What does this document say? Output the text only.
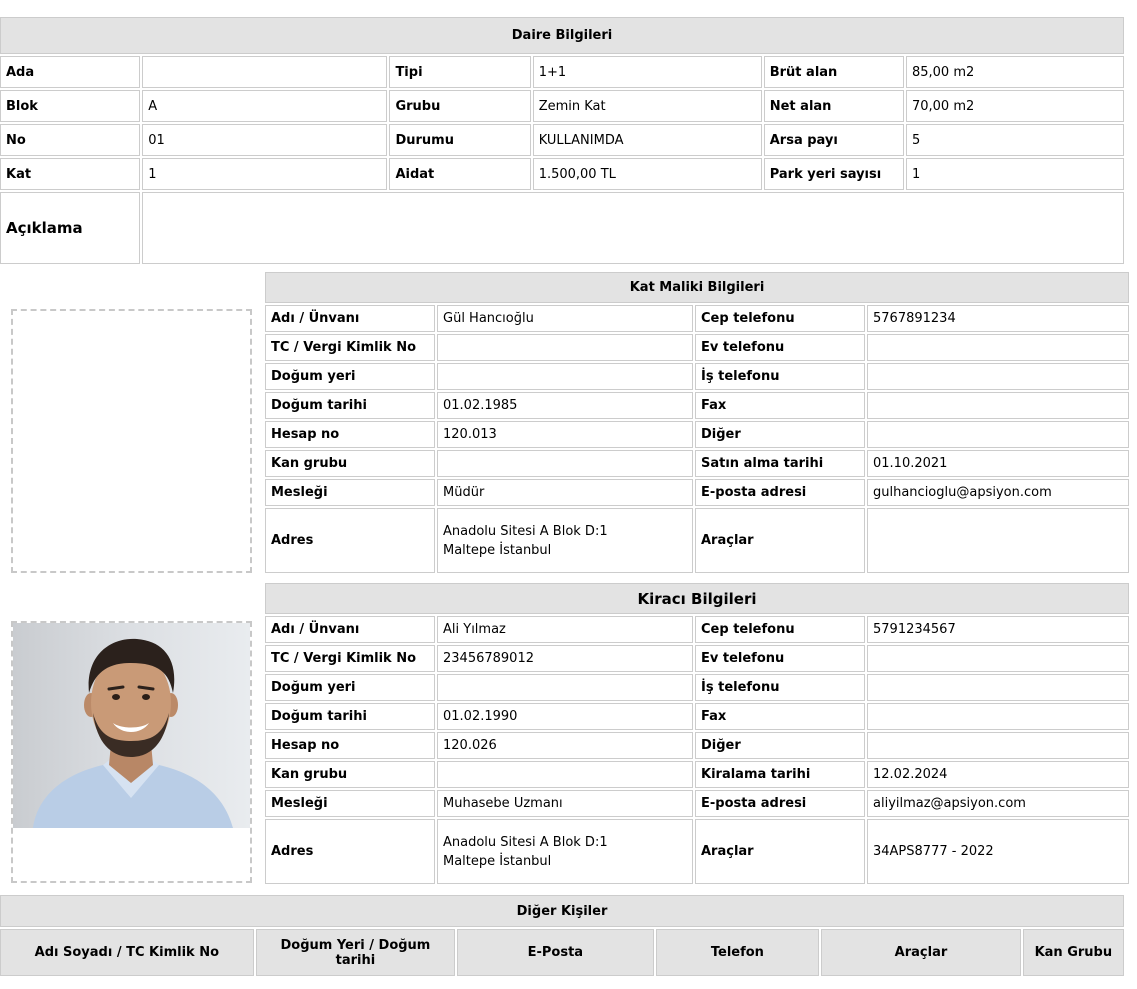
Daire Bilgileri					
Ada		Tipi	1+1	Brüt alan	85,00 m2
Blok	A	Grubu	Zemin Kat	Net alan	70,00 m2
No	01	Durumu	KULLANIMDA	Arsa payı	5
Kat	1	Aidat	1.500,00 TL	Park yeri sayısı	1
Açıklama					
Kat Maliki Bilgileri			
Adı / Ünvanı	Gül Hancıoğlu	Cep telefonu	5767891234
TC / Vergi Kimlik No		Ev telefonu	
Doğum yeri		İş telefonu	
Doğum tarihi	01.02.1985	Fax	
Hesap no	120.013	Diğer	
Kan grubu		Satın alma tarihi	01.10.2021
Mesleği	Müdür	E-posta adresi	gulhancioglu@apsiyon.com
Adres	Anadolu Sitesi A Blok D:1
Maltepe İstanbul	Araçlar	
Kiracı Bilgileri			
Adı / Ünvanı	Ali Yılmaz	Cep telefonu	5791234567
TC / Vergi Kimlik No	23456789012	Ev telefonu	
Doğum yeri		İş telefonu	
Doğum tarihi	01.02.1990	Fax	
Hesap no	120.026	Diğer	
Kan grubu		Kiralama tarihi	12.02.2024
Mesleği	Muhasebe Uzmanı	E-posta adresi	aliyilmaz@apsiyon.com
Adres	Anadolu Sitesi A Blok D:1
Maltepe İstanbul	Araçlar	34APS8777 - 2022
Diğer Kişiler
Adı Soyadı / TC Kimlik No	Doğum Yeri / Doğum tarihi	E-Posta	Telefon	Araçlar	Kan Grubu
